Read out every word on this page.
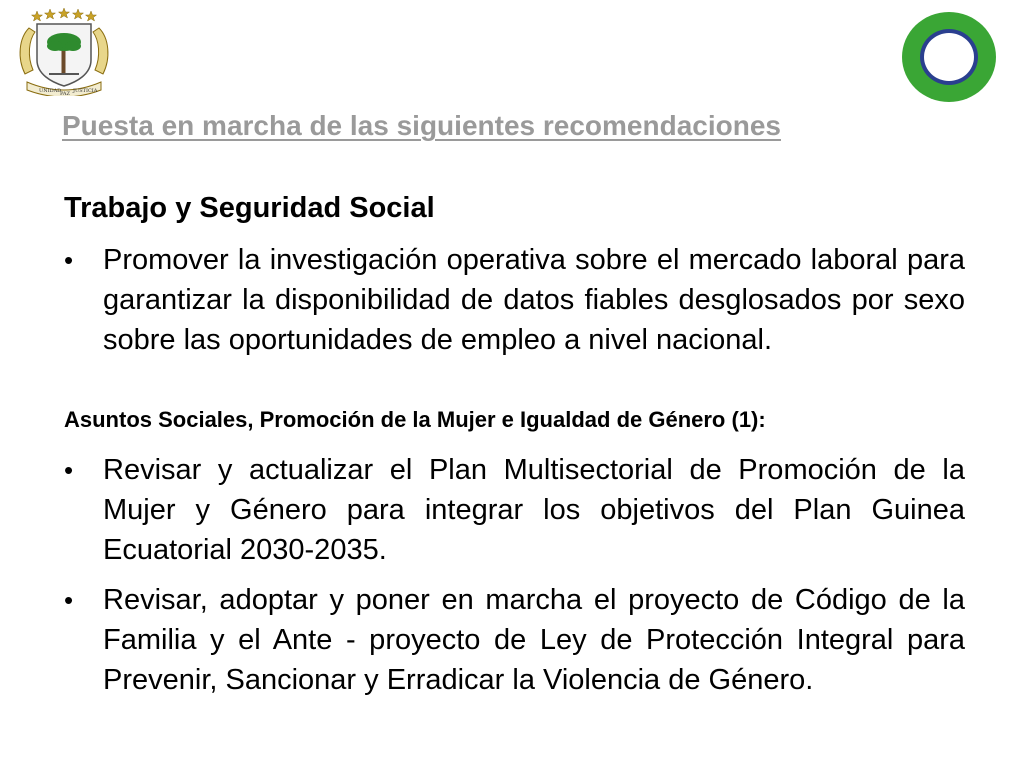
UNIDAD
PAZ JUSTICIA
Puesta en marcha de las siguientes recomendaciones
Trabajo y Seguridad Social
•	Promover la investigación operativa sobre el mercado laboral para garantizar la disponibilidad de datos fiables desglosados por sexo sobre las oportunidades de empleo a nivel nacional.
Asuntos Sociales, Promoción de la Mujer e Igualdad de Género (1):
•	Revisar y actualizar el Plan Multisectorial de Promoción de la Mujer y Género para integrar los objetivos del Plan Guinea Ecuatorial 2030-2035.
•	Revisar, adoptar y poner en marcha el proyecto de Código de la Familia y el Ante - proyecto de Ley de Protección Integral para Prevenir, Sancionar y Erradicar la Violencia de Género.
